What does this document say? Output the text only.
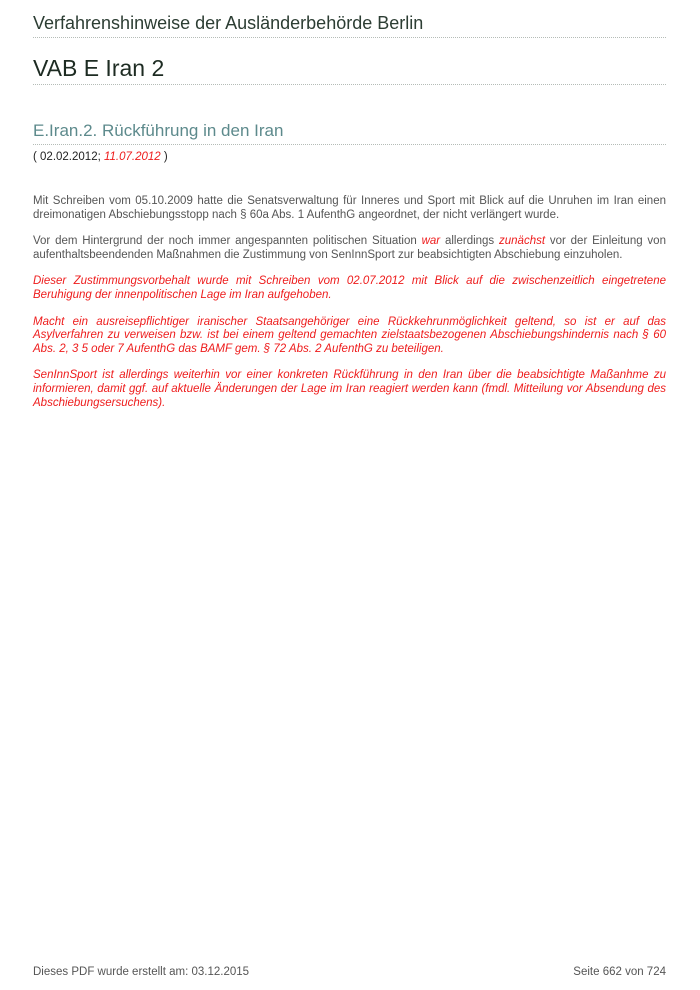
Verfahrenshinweise der Ausländerbehörde Berlin
VAB E Iran 2
E.Iran.2. Rückführung in den Iran
( 02.02.2012; 11.07.2012 )

Mit Schreiben vom 05.10.2009 hatte die Senatsverwaltung für Inneres und Sport mit Blick auf die Unruhen im Iran einen dreimonatigen Abschiebungsstopp nach § 60a Abs. 1 AufenthG angeordnet, der nicht verlängert wurde.

Vor dem Hintergrund der noch immer angespannten politischen Situation war allerdings zunächst vor der Einleitung von aufenthaltsbeendenden Maßnahmen die Zustimmung von SenInnSport zur beabsichtigten Abschiebung einzuholen.

Dieser Zustimmungsvorbehalt wurde mit Schreiben vom 02.07.2012 mit Blick auf die zwischenzeitlich eingetretene Beruhigung der innenpolitischen Lage im Iran aufgehoben.

Macht ein ausreisepflichtiger iranischer Staatsangehöriger eine Rückkehrunmöglichkeit geltend, so ist er auf das Asylverfahren zu verweisen bzw. ist bei einem geltend gemachten zielstaatsbezogenen Abschiebungshindernis nach § 60 Abs. 2, 3 5 oder 7 AufenthG das BAMF gem. § 72 Abs. 2 AufenthG zu beteiligen.

SenInnSport ist allerdings weiterhin vor einer konkreten Rückführung in den Iran über die beabsichtigte Maßanhme zu informieren, damit ggf. auf aktuelle Änderungen der Lage im Iran reagiert werden kann (fmdl. Mitteilung vor Absendung des Abschiebungsersuchens).

Dieses PDF wurde erstellt am: 03.12.2015	Seite 662 von 724
